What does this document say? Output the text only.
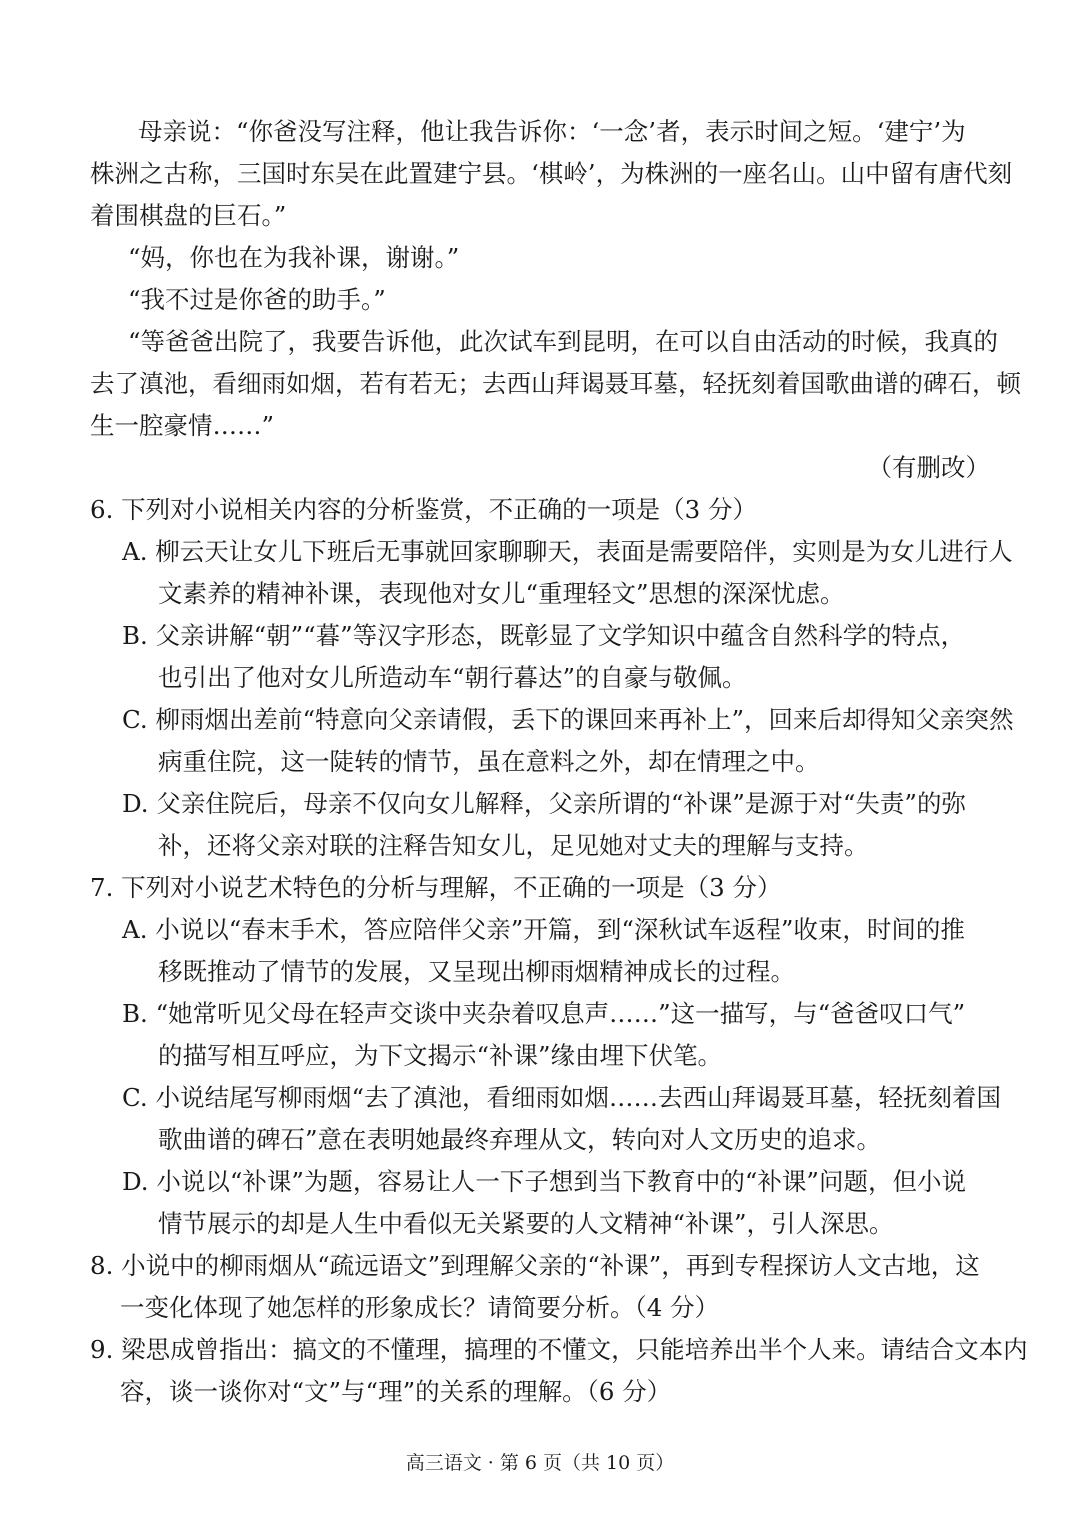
母亲说：“你爸没写注释，他让我告诉你：‘一念’者，表示时间之短。‘建宁’为
株洲之古称，三国时东吴在此置建宁县。‘棋岭’，为株洲的一座名山。山中留有唐代刻
着围棋盘的巨石。”
“妈，你也在为我补课，谢谢。”
“我不过是你爸的助手。”
“等爸爸出院了，我要告诉他，此次试车到昆明，在可以自由活动的时候，我真的
去了滇池，看细雨如烟，若有若无；去西山拜谒聂耳墓，轻抚刻着国歌曲谱的碑石，顿
生一腔豪情……”
（有删改）
6. 下列对小说相关内容的分析鉴赏，不正确的一项是（3 分）
A. 柳云天让女儿下班后无事就回家聊聊天，表面是需要陪伴，实则是为女儿进行人
文素养的精神补课，表现他对女儿“重理轻文”思想的深深忧虑。
B. 父亲讲解“朝”“暮”等汉字形态，既彰显了文学知识中蕴含自然科学的特点，
也引出了他对女儿所造动车“朝行暮达”的自豪与敬佩。
C. 柳雨烟出差前“特意向父亲请假，丢下的课回来再补上”，回来后却得知父亲突然
病重住院，这一陡转的情节，虽在意料之外，却在情理之中。
D. 父亲住院后，母亲不仅向女儿解释，父亲所谓的“补课”是源于对“失责”的弥
补，还将父亲对联的注释告知女儿，足见她对丈夫的理解与支持。
7. 下列对小说艺术特色的分析与理解，不正确的一项是（3 分）
A. 小说以“春末手术，答应陪伴父亲”开篇，到“深秋试车返程”收束，时间的推
移既推动了情节的发展，又呈现出柳雨烟精神成长的过程。
B. “她常听见父母在轻声交谈中夹杂着叹息声……”这一描写，与“爸爸叹口气”
的描写相互呼应，为下文揭示“补课”缘由埋下伏笔。
C. 小说结尾写柳雨烟“去了滇池，看细雨如烟……去西山拜谒聂耳墓，轻抚刻着国
歌曲谱的碑石”意在表明她最终弃理从文，转向对人文历史的追求。
D. 小说以“补课”为题，容易让人一下子想到当下教育中的“补课”问题，但小说
情节展示的却是人生中看似无关紧要的人文精神“补课”，引人深思。
8. 小说中的柳雨烟从“疏远语文”到理解父亲的“补课”，再到专程探访人文古地，这
一变化体现了她怎样的形象成长？请简要分析。（4 分）
9. 梁思成曾指出：搞文的不懂理，搞理的不懂文，只能培养出半个人来。请结合文本内
容，谈一谈你对“文”与“理”的关系的理解。（6 分）
高三语文 · 第 6 页（共 10 页）
